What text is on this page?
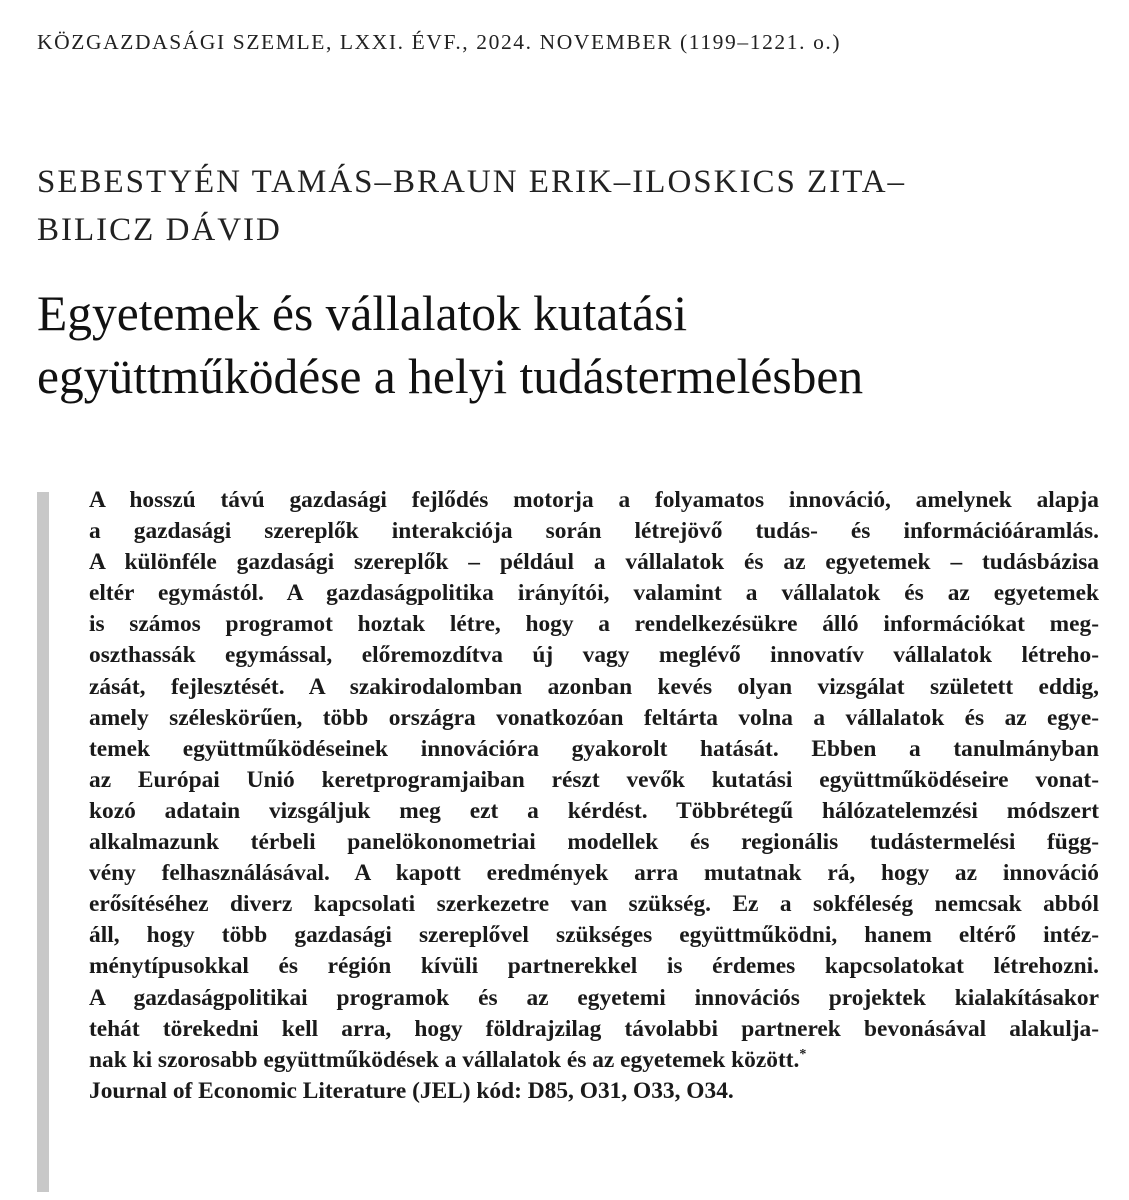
KÖZGAZDASÁGI SZEMLE, LXXI. ÉVF., 2024. NOVEMBER (1199–1221. o.)
SEBESTYÉN TAMÁS–BRAUN ERIK–ILOSKICS ZITA–
BILICZ DÁVID
Egyetemek és vállalatok kutatási
együttműködése a helyi tudástermelésben
A hosszú távú gazdasági fejlődés motorja a folyamatos innováció, amelynek alapja
a gazdasági szereplők interakciója során létrejövő tudás- és információáramlás.
A különféle gazdasági szereplők – például a vállalatok és az egyetemek – tudásbázisa
eltér egymástól. A gazdaságpolitika irányítói, valamint a vállalatok és az egyetemek
is számos programot hoztak létre, hogy a rendelkezésükre álló információkat meg-
oszthassák egymással, előremozdítva új vagy meglévő innovatív vállalatok létreho-
zását, fejlesztését. A szakirodalomban azonban kevés olyan vizsgálat született eddig,
amely széleskörűen, több országra vonatkozóan feltárta volna a vállalatok és az egye-
temek együttműködéseinek innovációra gyakorolt hatását. Ebben a tanulmányban
az Európai Unió keretprogramjaiban részt vevők kutatási együttműködéseire vonat-
kozó adatain vizsgáljuk meg ezt a kérdést. Többrétegű hálózatelemzési módszert
alkalmazunk térbeli panelökonometriai modellek és regionális tudástermelési függ-
vény felhasználásával. A kapott eredmények arra mutatnak rá, hogy az innováció
erősítéséhez diverz kapcsolati szerkezetre van szükség. Ez a sokféleség nemcsak abból
áll, hogy több gazdasági szereplővel szükséges együttműködni, hanem eltérő intéz-
ménytípusokkal és régión kívüli partnerekkel is érdemes kapcsolatokat létrehozni.
A gazdaságpolitikai programok és az egyetemi innovációs projektek kialakításakor
tehát törekedni kell arra, hogy földrajzilag távolabbi partnerek bevonásával alakulja-
nak ki szorosabb együttműködések a vállalatok és az egyetemek között.*
Journal of Economic Literature (JEL) kód: D85, O31, O33, O34.
